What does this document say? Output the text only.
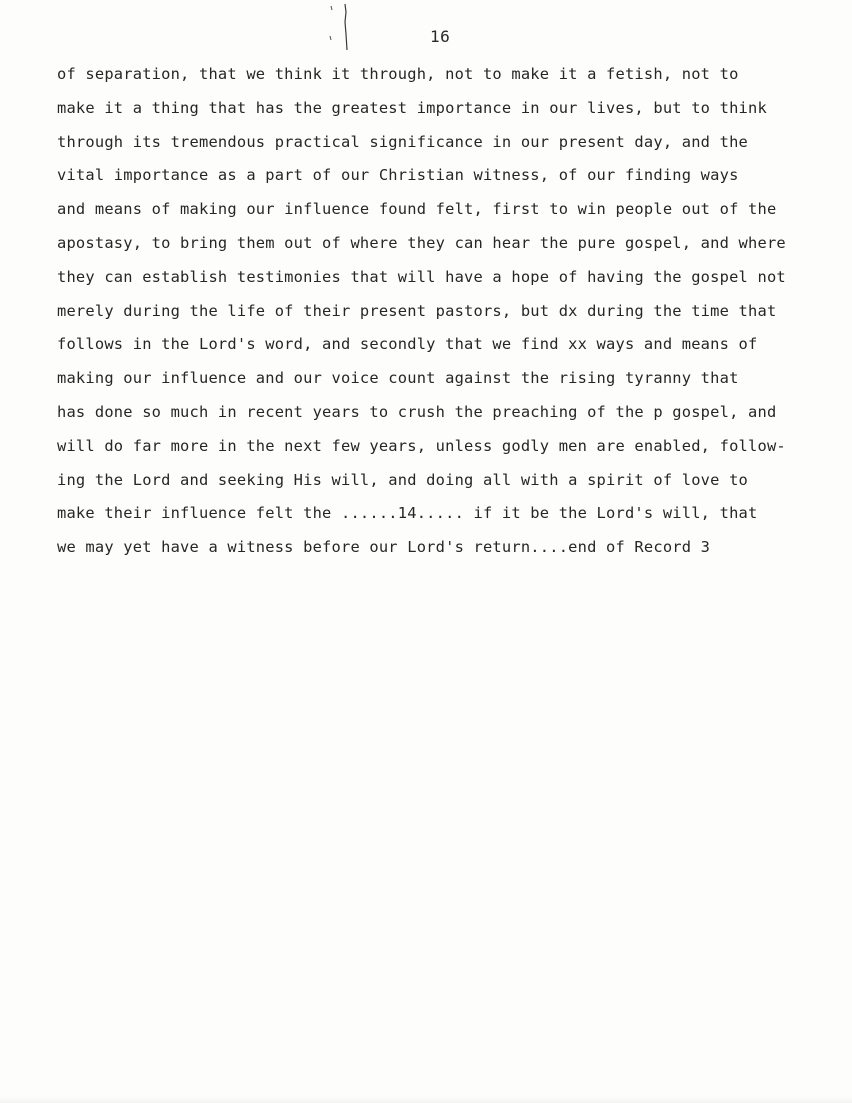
16
of separation, that we think it through, not to make it a fetish, not to
make it a thing that has the greatest importance in our lives, but to think
through its tremendous practical significance in our present day, and the
vital importance as a part of our Christian witness, of our finding ways
and means of making our influence found felt, first to win people out of the
apostasy, to bring them out of where they can hear the pure gospel, and where
they can establish testimonies that will have a hope of having the gospel not
merely during the life of their present pastors, but dx during the time that
follows in the Lord's word, and secondly that we find xx ways and means of
making our influence and our voice count against the rising tyranny that
has done so much in recent years to crush the preaching of the p gospel, and
will do far more in the next few years, unless godly men are enabled, follow-
ing the Lord and seeking His will, and doing all with a spirit of love to
make their influence felt the ......14..... if it be the Lord's will, that
we may yet have a witness before our Lord's return....end of Record 3
